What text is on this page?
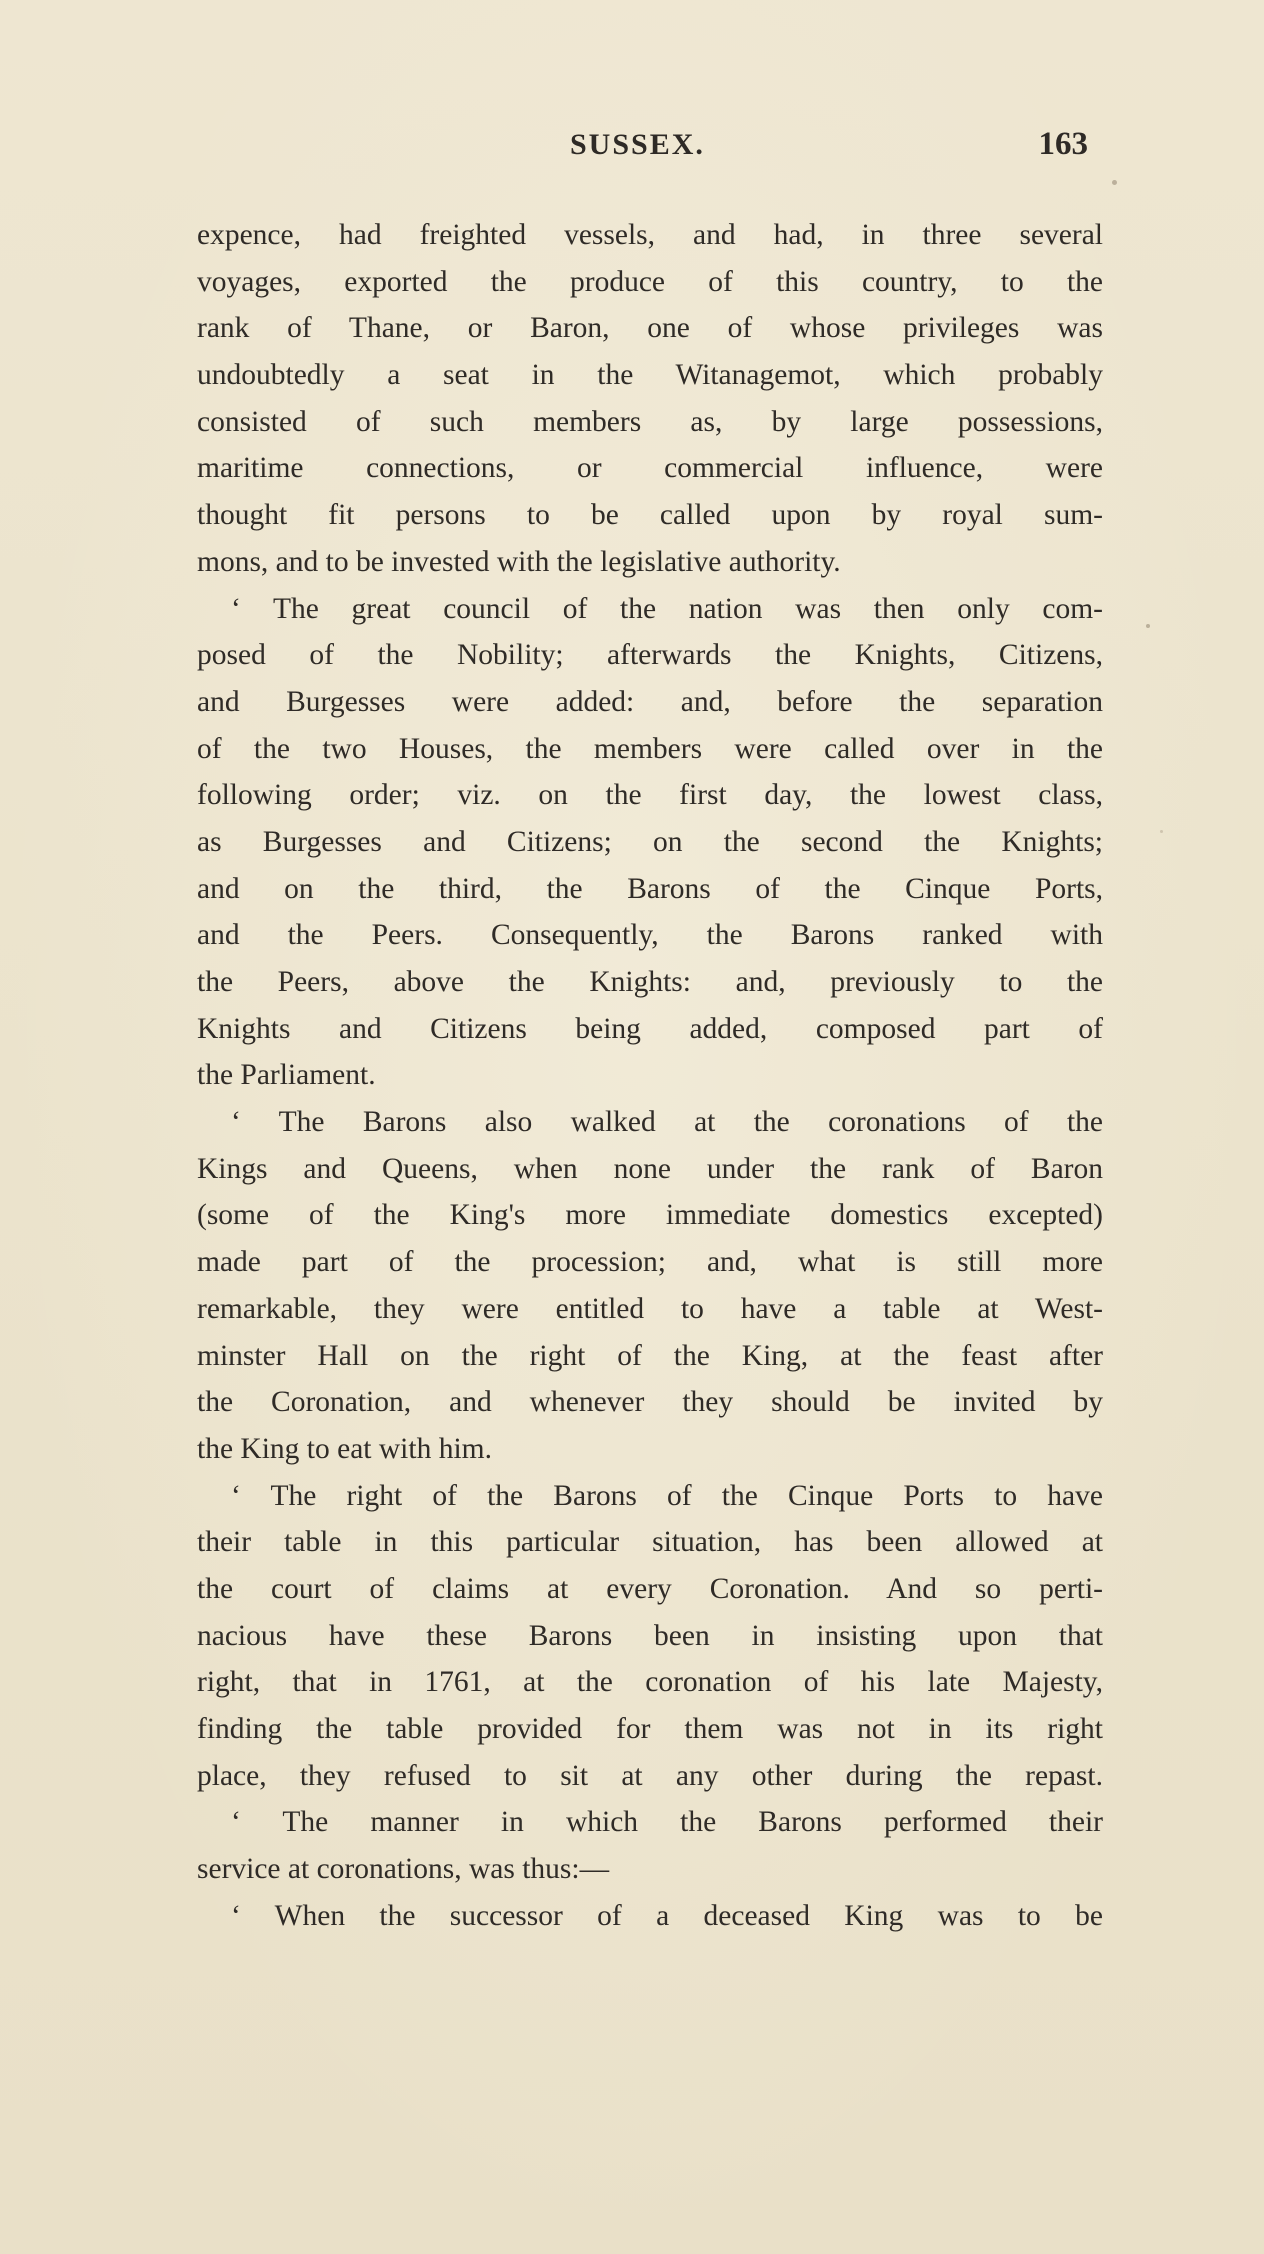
SUSSEX.	163
expence, had freighted vessels, and had, in three several
voyages, exported the produce of this country, to the
rank of Thane, or Baron, one of whose privileges was
undoubtedly a seat in the Witanagemot, which probably
consisted of such members as, by large possessions,
maritime connections, or commercial influence, were
thought fit persons to be called upon by royal sum-
mons, and to be invested with the legislative authority.
‘ The great council of the nation was then only com-
posed of the Nobility; afterwards the Knights, Citizens,
and Burgesses were added: and, before the separation
of the two Houses, the members were called over in the
following order; viz. on the first day, the lowest class,
as Burgesses and Citizens; on the second the Knights;
and on the third, the Barons of the Cinque Ports,
and the Peers. Consequently, the Barons ranked with
the Peers, above the Knights: and, previously to the
Knights and Citizens being added, composed part of
the Parliament.
‘ The Barons also walked at the coronations of the
Kings and Queens, when none under the rank of Baron
(some of the King's more immediate domestics excepted)
made part of the procession; and, what is still more
remarkable, they were entitled to have a table at West-
minster Hall on the right of the King, at the feast after
the Coronation, and whenever they should be invited by
the King to eat with him.
‘ The right of the Barons of the Cinque Ports to have
their table in this particular situation, has been allowed at
the court of claims at every Coronation. And so perti-
nacious have these Barons been in insisting upon that
right, that in 1761, at the coronation of his late Majesty,
finding the table provided for them was not in its right
place, they refused to sit at any other during the repast.
‘ The manner in which the Barons performed their
service at coronations, was thus:—
‘ When the successor of a deceased King was to be
